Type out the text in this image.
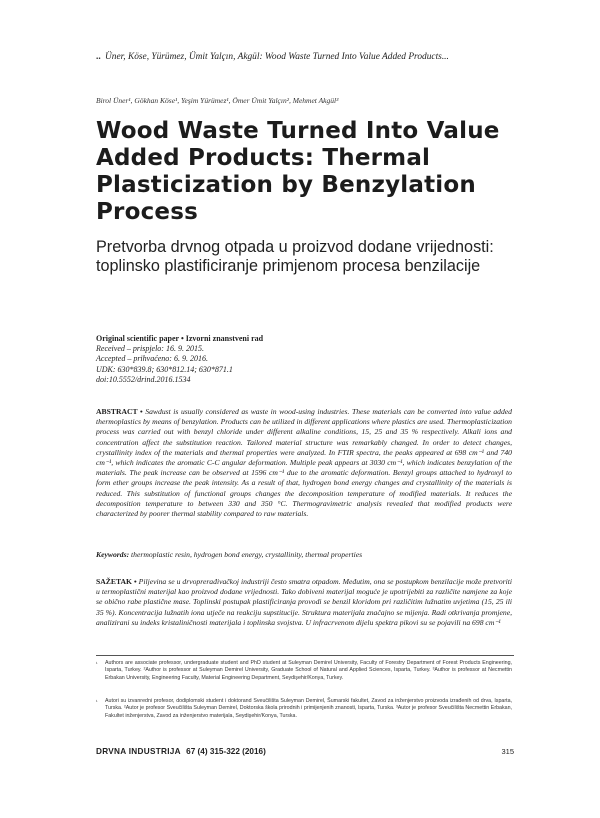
.. Üner, Köse, Yürümez, Ümit Yalçın, Akgül: Wood Waste Turned Into Value Added Products...
Birol Üner¹, Gökhan Köse¹, Yeşim Yürümez¹, Ömer Ümit Yalçın², Mehmet Akgül³
Wood Waste Turned Into Value Added Products: Thermal Plasticization by Benzylation Process
Pretvorba drvnog otpada u proizvod dodane vrijednosti: toplinsko plastificiranje primjenom procesa benzilacije
Original scientific paper • Izvorni znanstveni rad
Received – prispjelo: 16. 9. 2015.
Accepted – prihvaćeno: 6. 9. 2016.
UDK: 630*839.8; 630*812.14; 630*871.1
doi:10.5552/drind.2016.1534
ABSTRACT • Sawdust is usually considered as waste in wood-using industries. These materials can be converted into value added thermoplastics by means of benzylation. Products can be utilized in different applications where plastics are used. Thermoplasticization process was carried out with benzyl chloride under different alkaline conditions, 15, 25 and 35 % respectively. Alkali ions and concentration affect the substitution reaction. Tailored material structure was remarkably changed. In order to detect changes, crystallinity index of the materials and thermal properties were analyzed. In FTIR spectra, the peaks appeared at 698 cm⁻¹ and 740 cm⁻¹, which indicates the aromatic C-C angular deformation. Multiple peak appears at 3030 cm⁻¹, which indicates benzylation of the materials. The peak increase can be observed at 1596 cm⁻¹ due to the aromatic deformation. Benzyl groups attached to hydroxyl to form ether groups increase the peak intensity. As a result of that, hydrogen bond energy changes and crystallinity of the materials is reduced. This substitution of functional groups changes the decomposition temperature of modified materials. It reduces the decomposition temperature to between 330 and 350 °C. Thermogravimetric analysis revealed that modified products were characterized by poorer thermal stability compared to raw materials.
Keywords: thermoplastic resin, hydrogen bond energy, crystallinity, thermal properties
SAŽETAK • Piljevina se u drvoprerađivačkoj industriji često smatra otpadom. Međutim, ona se postupkom benzilacije može pretvoriti u termoplastični materijal kao proizvod dodane vrijednosti. Tako dobiveni materijal moguće je upotrijebiti za različite namjene za koje se obično rabe plastične mase. Toplinski postupak plastificiranja provodi se benzil kloridom pri različitim lužnatim uvjetima (15, 25 ili 35 %). Koncentracija lužnatih iona utječe na reakciju supstitucije. Struktura materijala značajno se mijenja. Radi otkrivanja promjene, analizirani su indeks kristaliničnosti materijala i toplinska svojstva. U infracrvenom dijelu spektra pikovi su se pojavili na 698 cm⁻¹
¹	Authors are associate professor, undergraduate student and PhD student at Suleyman Demirel University, Faculty of Forestry Department of Forest Products Engineering, Isparta, Turkey. ²Author is professor at Suleyman Demirel University, Graduate School of Natural and Applied Sciences, Isparta, Turkey. ³Author is professor at Necmettin Erbakan University, Engineering Faculty, Material Engineering Department, Seydişehir/Konya, Turkey.
¹	Autori su izvanredni profesor, dodiplomski student i doktorand Sveučilišta Suleyman Demirel, Šumarski fakultet, Zavod za inženjerstvo proizvoda izrađenih od drva, Isparta, Turska. ²Autor je profesor Sveučilišta Suleyman Demirel, Doktorska škola prirodnih i primijenjenih znanosti, Isparta, Turska. ³Autor je profesor Sveučilišta Necmettin Erbakan, Fakultet inženjerstva, Zavod za inženjerstvo materijala, Seydişehir/Konya, Turska.
DRVNA INDUSTRIJA 67 (4) 315-322 (2016)	315
